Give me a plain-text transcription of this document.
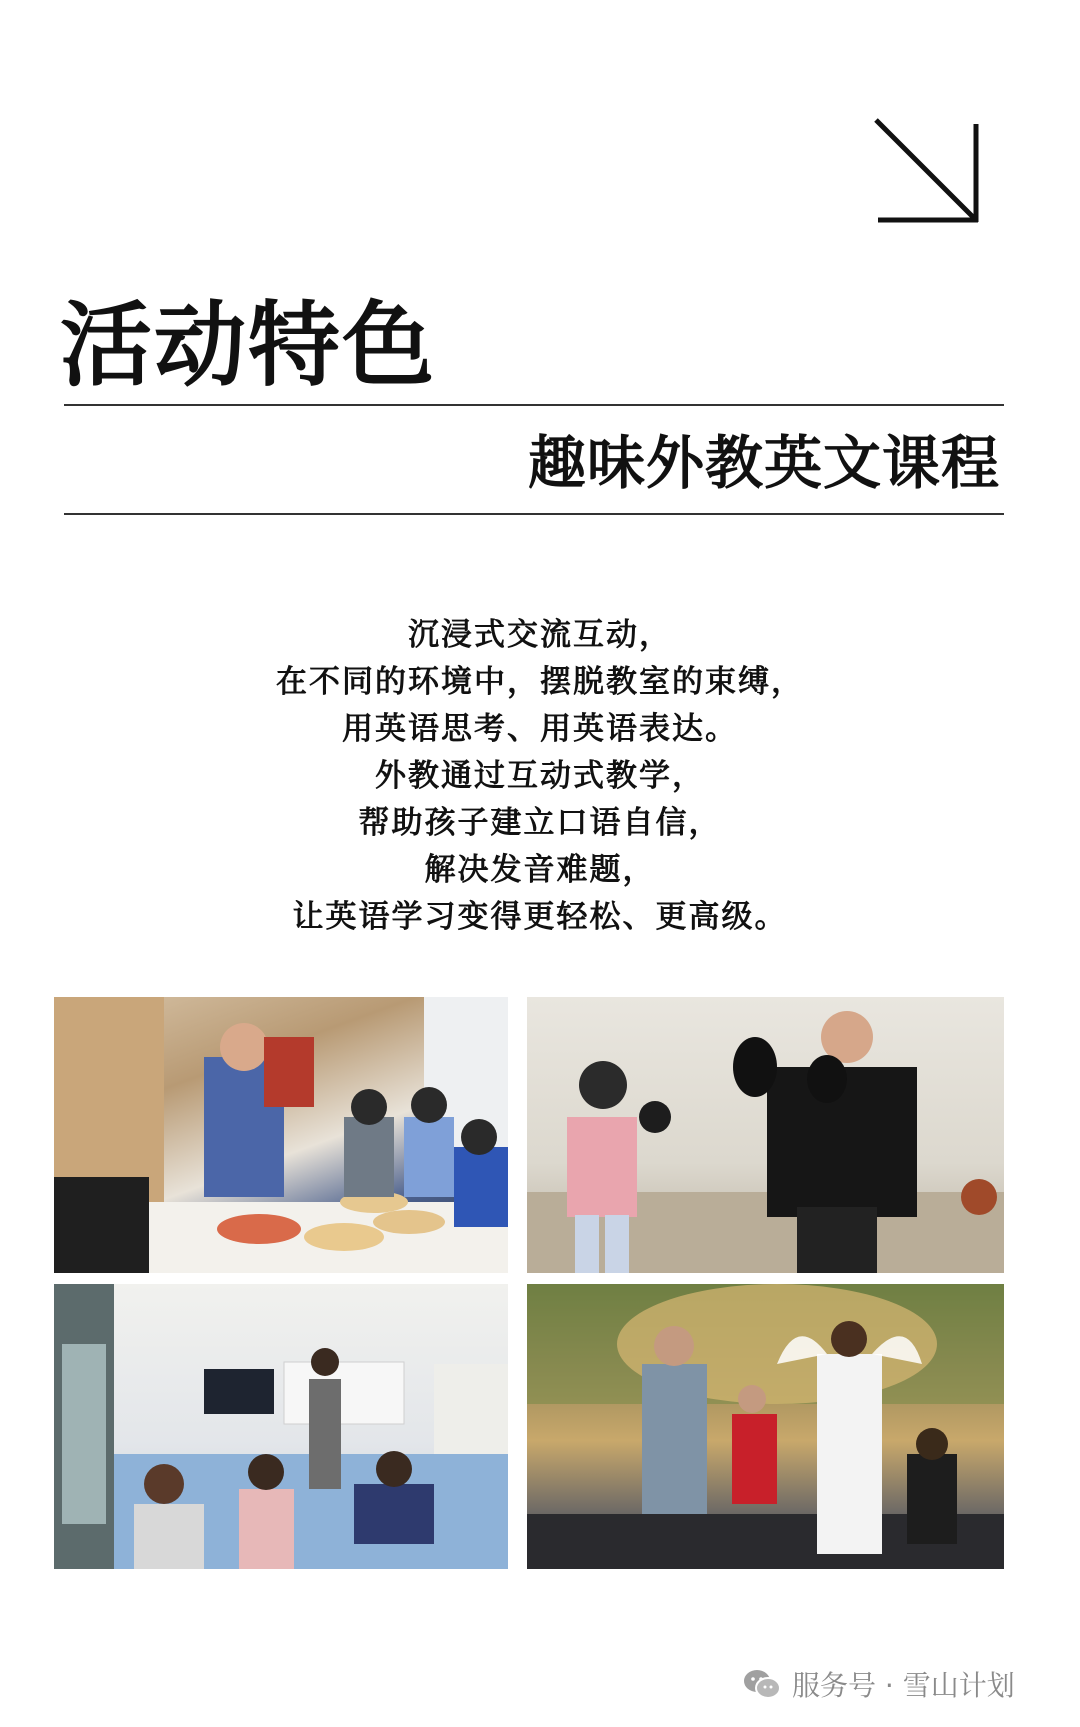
活动特色
趣味外教英文课程
沉浸式交流互动，
在不同的环境中，摆脱教室的束缚，
用英语思考、用英语表达。
外教通过互动式教学，
帮助孩子建立口语自信，
解决发音难题，
让英语学习变得更轻松、更高级。
服务号 · 雪山计划
